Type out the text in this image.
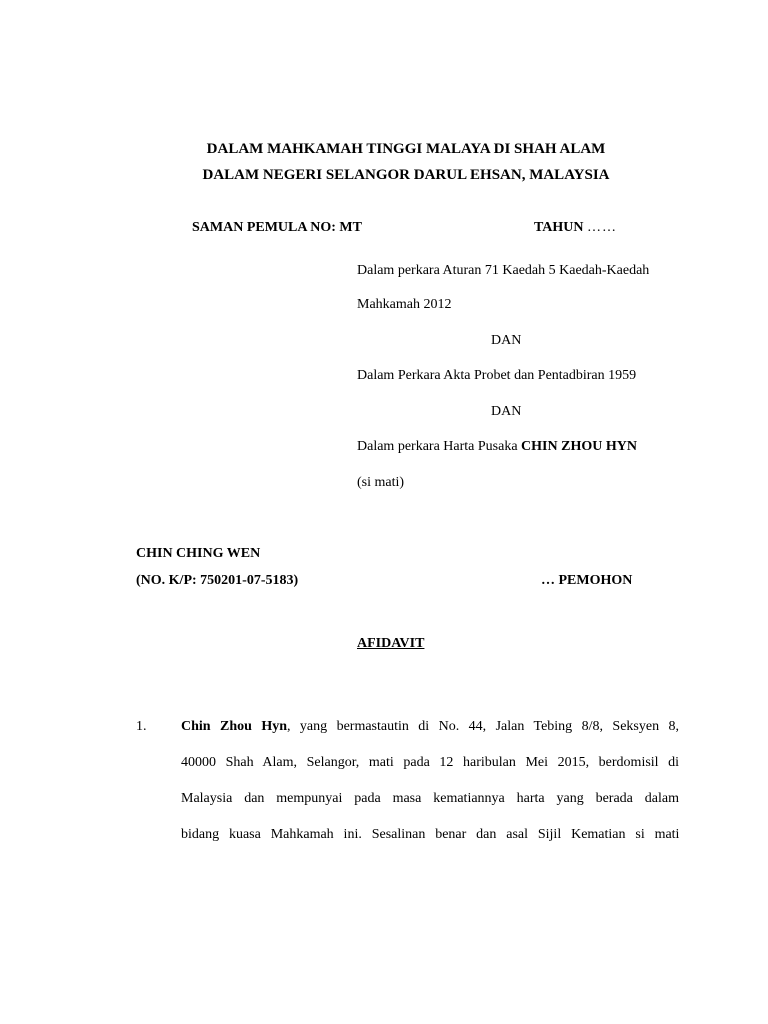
DALAM MAHKAMAH TINGGI MALAYA DI SHAH ALAM
DALAM NEGERI SELANGOR DARUL EHSAN, MALAYSIA
SAMAN PEMULA NO: MT	TAHUN ……
Dalam perkara Aturan 71 Kaedah 5 Kaedah-Kaedah
Mahkamah 2012
DAN
Dalam Perkara Akta Probet dan Pentadbiran 1959
DAN
Dalam perkara Harta Pusaka CHIN ZHOU HYN
(si mati)
CHIN CHING WEN
(NO. K/P: 750201-07-5183)	… PEMOHON
AFIDAVIT
1. Chin Zhou Hyn, yang bermastautin di No. 44, Jalan Tebing 8/8, Seksyen 8,
40000 Shah Alam, Selangor, mati pada 12 haribulan Mei 2015, berdomisil di
Malaysia dan mempunyai pada masa kematiannya harta yang berada dalam
bidang kuasa Mahkamah ini. Sesalinan benar dan asal Sijil Kematian si mati
